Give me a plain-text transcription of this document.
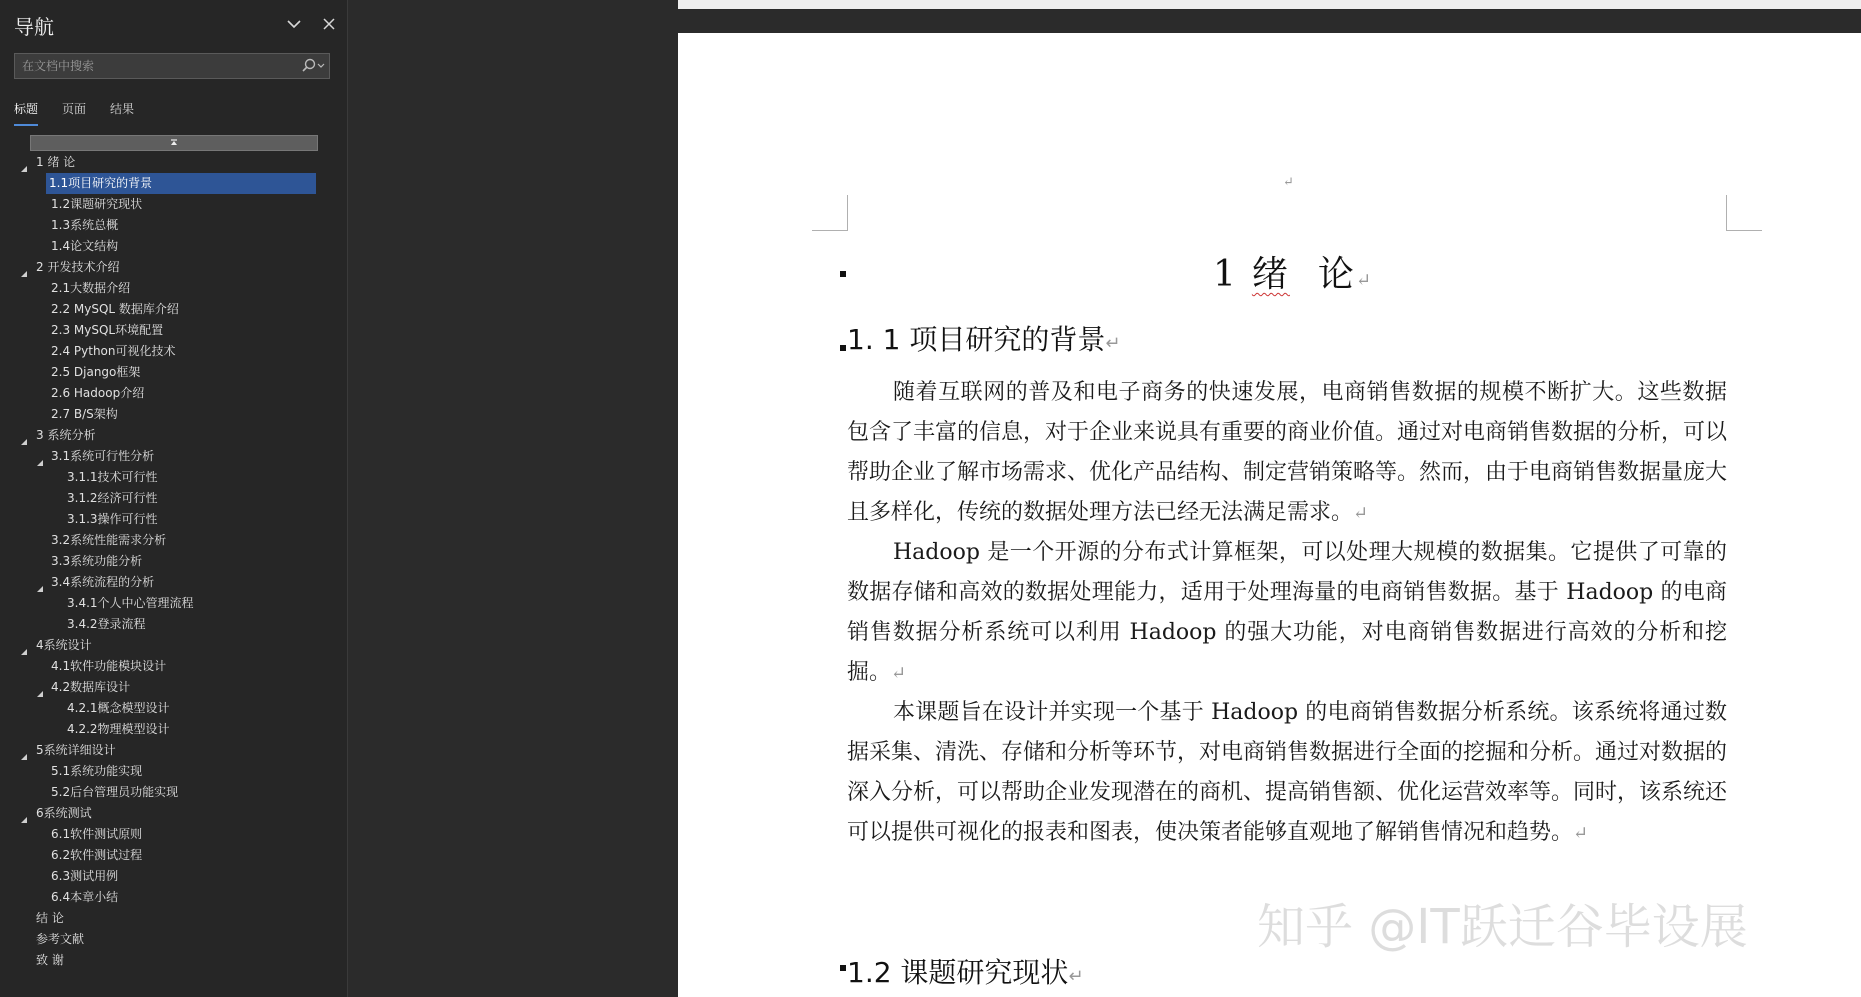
导航
在文档中搜索
标题 页面 结果
1 绪 论
1.1项目研究的背景
1.2课题研究现状
1.3系统总概
1.4论文结构
2 开发技术介绍
2.1大数据介绍
2.2 MySQL 数据库介绍
2.3 MySQL环境配置
2.4 Python可视化技术
2.5 Django框架
2.6 Hadoop介绍
2.7 B/S架构
3 系统分析
3.1系统可行性分析
3.1.1技术可行性
3.1.2经济可行性
3.1.3操作可行性
3.2系统性能需求分析
3.3系统功能分析
3.4系统流程的分析
3.4.1个人中心管理流程
3.4.2登录流程
4系统设计
4.1软件功能模块设计
4.2数据库设计
4.2.1概念模型设计
4.2.2物理模型设计
5系统详细设计
5.1系统功能实现
5.2后台管理员功能实现
6系统测试
6.1软件测试原则
6.2软件测试过程
6.3测试用例
6.4本章小结
结 论
参考文献
致 谢
↵
1 绪 论↵
1. 1 项目研究的背景↵

随着互联网的普及和电子商务的快速发展，电商销售数据的规模不断扩大。这些数据包含了丰富的信息，对于企业来说具有重要的商业价值。通过对电商销售数据的分析，可以帮助企业了解市场需求、优化产品结构、制定营销策略等。然而，由于电商销售数据量庞大且多样化，传统的数据处理方法已经无法满足需求。↵

Hadoop 是一个开源的分布式计算框架，可以处理大规模的数据集。它提供了可靠的数据存储和高效的数据处理能力，适用于处理海量的电商销售数据。基于 Hadoop 的电商销售数据分析系统可以利用 Hadoop 的强大功能，对电商销售数据进行高效的分析和挖掘。↵

本课题旨在设计并实现一个基于 Hadoop 的电商销售数据分析系统。该系统将通过数据采集、清洗、存储和分析等环节，对电商销售数据进行全面的挖掘和分析。通过对数据的深入分析，可以帮助企业发现潜在的商机、提高销售额、优化运营效率等。同时，该系统还可以提供可视化的报表和图表，使决策者能够直观地了解销售情况和趋势。↵

1.2 课题研究现状↵
知乎 @IT跃迁谷毕设展
